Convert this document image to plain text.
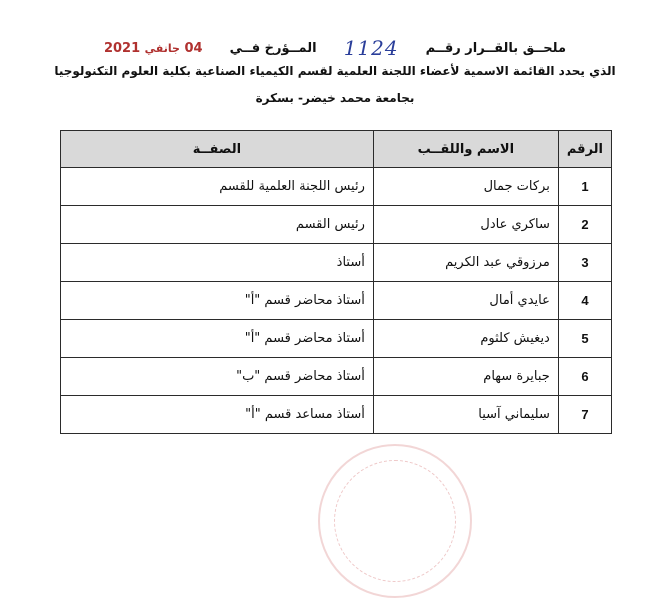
ملحــق بالقــرار رقــم  1124  المــؤرخ فــي  04 جانفي 2021
الذي يحدد القائمة الاسمية لأعضاء اللجنة العلمية لقسم الكيمياء الصناعية بكلية العلوم التكنولوجيا
بجامعة محمد خيضر- بسكرة
الرقم	الاسم واللقــب	الصفــة
1	بركات جمال	رئيس اللجنة العلمية للقسم
2	ساكري عادل	رئيس القسم
3	مرزوقي عبد الكريم	أستاذ
4	عايدي أمال	أستاذ محاضر قسم "أ"
5	ديغيش كلثوم	أستاذ محاضر قسم "أ"
6	جبايرة سهام	أستاذ محاضر قسم "ب"
7	سليماني آسيا	أستاذ مساعد قسم "أ"
